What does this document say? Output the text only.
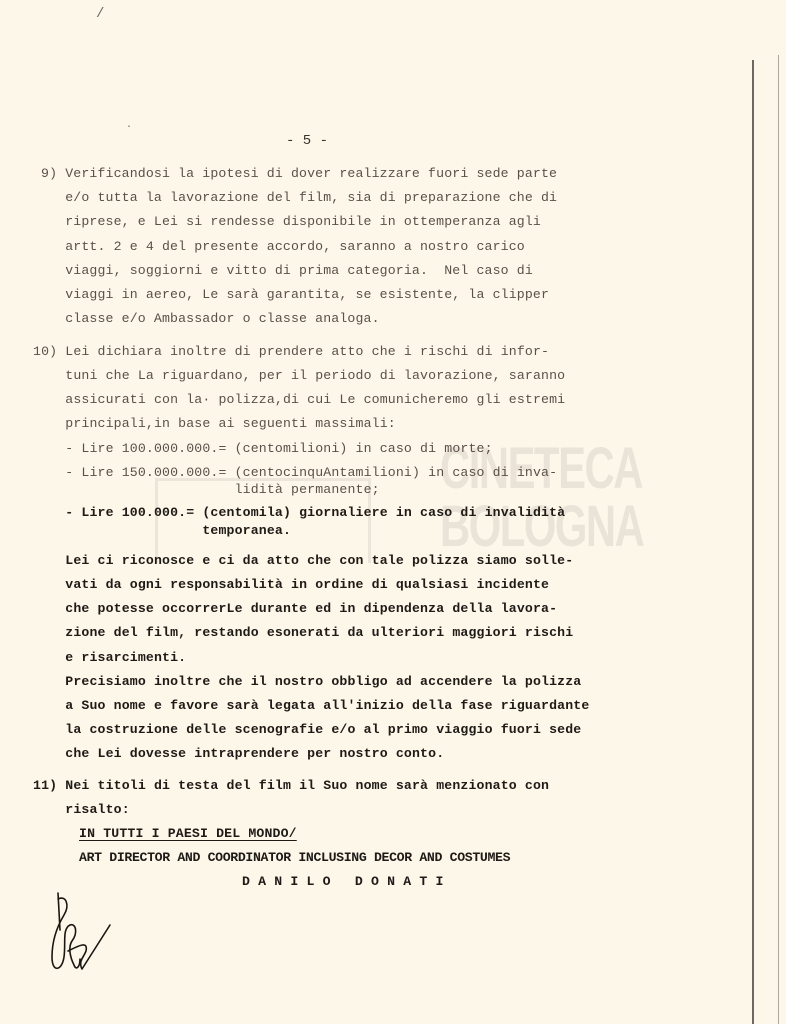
/
·
CINETECA
BOLOGNA
- 5 -
9) Verificandosi la ipotesi di dover realizzare fuori sede parte
e/o tutta la lavorazione del film, sia di preparazione che di
riprese, e Lei si rendesse disponibile in ottemperanza agli
artt. 2 e 4 del presente accordo, saranno a nostro carico
viaggi, soggiorni e vitto di prima categoria.  Nel caso di
viaggi in aereo, Le sarà garantita, se esistente, la clipper
classe e/o Ambassador o classe analoga.
10) Lei dichiara inoltre di prendere atto che i rischi di infor-
tuni che La riguardano, per il periodo di lavorazione, saranno
assicurati con la· polizza,di cui Le comunicheremo gli estremi
principali,in base ai seguenti massimali:
- Lire 100.000.000.= (centomilioni) in caso di morte;
- Lire 150.000.000.= (centocinquAntamilioni) in caso di inva-
lidità permanente;
- Lire 100.000.= (centomila) giornaliere in caso di invalidità
temporanea.
Lei ci riconosce e ci da atto che con tale polizza siamo solle-
vati da ogni responsabilità in ordine di qualsiasi incidente
che potesse occorrerLe durante ed in dipendenza della lavora-
zione del film, restando esonerati da ulteriori maggiori rischi
e risarcimenti.
Precisiamo inoltre che il nostro obbligo ad accendere la polizza
a Suo nome e favore sarà legata all'inizio della fase riguardante
la costruzione delle scenografie e/o al primo viaggio fuori sede
che Lei dovesse intraprendere per nostro conto.
11) Nei titoli di testa del film il Suo nome sarà menzionato con
risalto:
IN TUTTI I PAESI DEL MONDO/
ART DIRECTOR AND COORDINATOR INCLUSING DECOR AND COSTUMES
D A N I L O   D O N A T I
